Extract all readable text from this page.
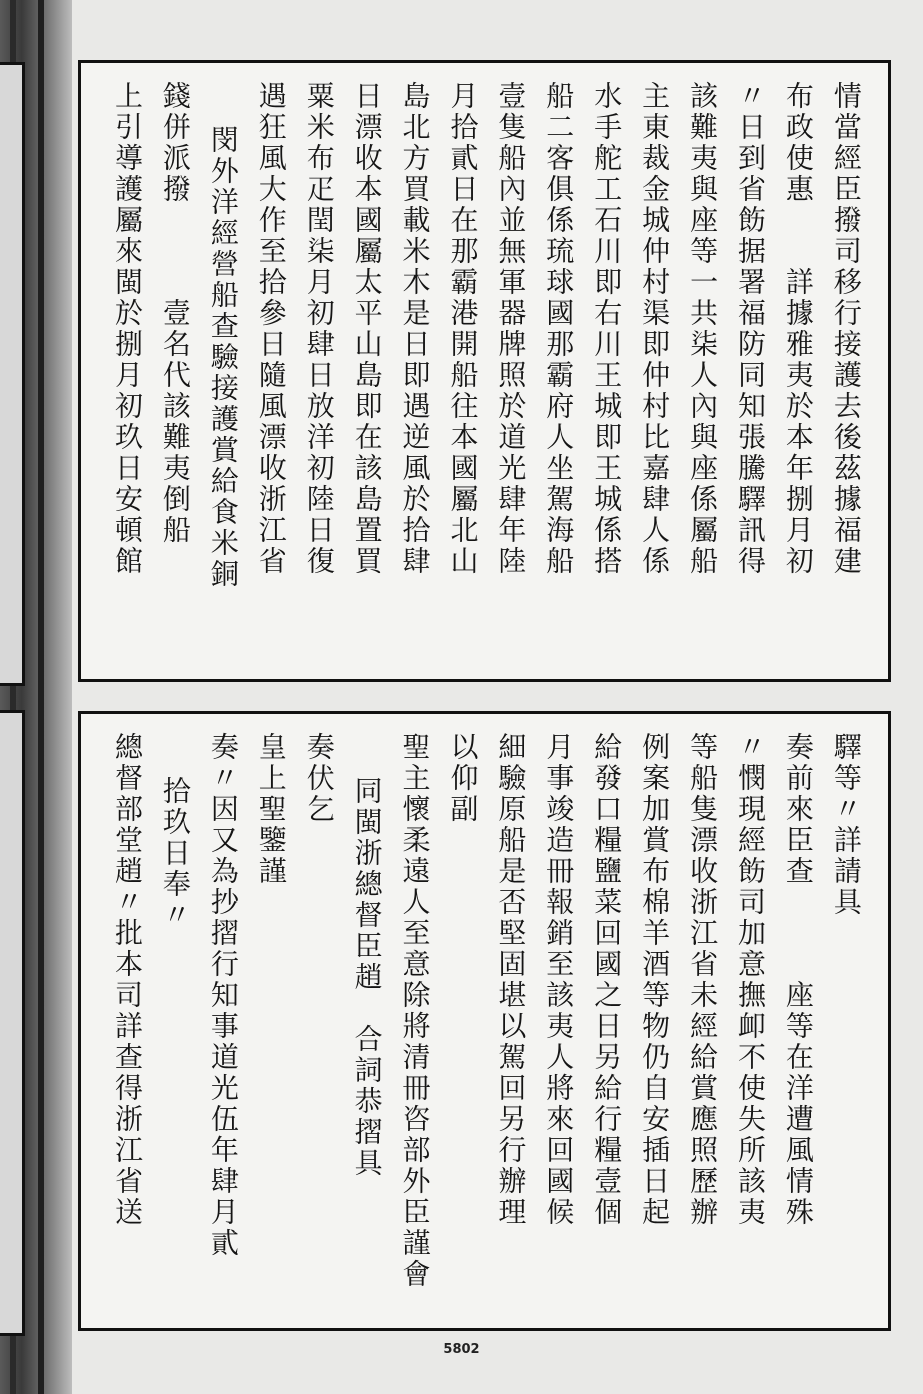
情當經臣撥司移行接護去後茲據福建
布政使惠　　詳據雅夷於本年捌月初
〃日到省飭据署福防同知張騰驛訊得
該難夷與座等一共柒人內與座係屬船
主東裁金城仲村渠即仲村比嘉肆人係
水手舵工石川即右川王城即王城係搭
船二客俱係琉球國那霸府人坐駕海船
壹隻船內並無軍器牌照於道光肆年陸
月拾貳日在那霸港開船往本國屬北山
島北方買載米木是日即遇逆風於拾肆
日漂收本國屬太平山島即在該島置買
粟米布疋閏柒月初肆日放洋初陸日復
遇狂風大作至拾參日隨風漂收浙江省
閔外洋經營船查驗接護賞給食米銅
錢併派撥　　　壹名代該難夷倒船
上引導護屬來閩於捌月初玖日安頓館
驛等〃詳請具
奏前來臣查　　　座等在洋遭風情殊
〃憫現經飭司加意撫卹不使失所該夷
等船隻漂收浙江省未經給賞應照歷辦
例案加賞布棉羊酒等物仍自安插日起
給發口糧鹽菜回國之日另給行糧壹個
月事竣造冊報銷至該夷人將來回國候
細驗原船是否堅固堪以駕回另行辦理
以仰副
聖主懷柔遠人至意除將清冊咨部外臣謹會
同閩浙總督臣趙　合詞恭摺具
奏伏乞
皇上聖鑒謹
奏〃因又為抄摺行知事道光伍年肆月貳
拾玖日奉〃
總督部堂趙〃批本司詳查得浙江省送
5802
